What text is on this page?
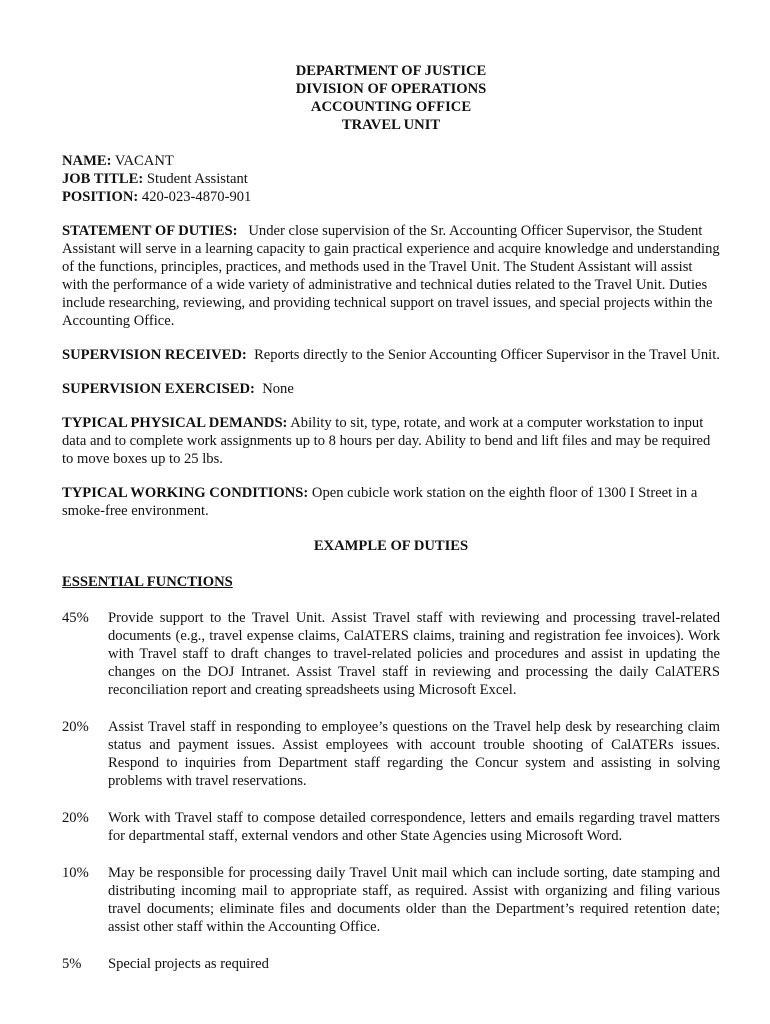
DEPARTMENT OF JUSTICE
DIVISION OF OPERATIONS
ACCOUNTING OFFICE
TRAVEL UNIT

NAME: VACANT

JOB TITLE: Student Assistant

POSITION: 420-023-4870-901

STATEMENT OF DUTIES: Under close supervision of the Sr. Accounting Officer Supervisor, the Student Assistant will serve in a learning capacity to gain practical experience and acquire knowledge and understanding of the functions, principles, practices, and methods used in the Travel Unit. The Student Assistant will assist with the performance of a wide variety of administrative and technical duties related to the Travel Unit. Duties include researching, reviewing, and providing technical support on travel issues, and special projects within the Accounting Office.

SUPERVISION RECEIVED: Reports directly to the Senior Accounting Officer Supervisor in the Travel Unit.

SUPERVISION EXERCISED: None

TYPICAL PHYSICAL DEMANDS: Ability to sit, type, rotate, and work at a computer workstation to input data and to complete work assignments up to 8 hours per day. Ability to bend and lift files and may be required to move boxes up to 25 lbs.

TYPICAL WORKING CONDITIONS: Open cubicle work station on the eighth floor of 1300 I Street in a smoke-free environment.

EXAMPLE OF DUTIES
ESSENTIAL FUNCTIONS
45%	Provide support to the Travel Unit. Assist Travel staff with reviewing and processing travel-related documents (e.g., travel expense claims, CalATERS claims, training and registration fee invoices). Work with Travel staff to draft changes to travel-related policies and procedures and assist in updating the changes on the DOJ Intranet. Assist Travel staff in reviewing and processing the daily CalATERS reconciliation report and creating spreadsheets using Microsoft Excel.
20%	Assist Travel staff in responding to employee’s questions on the Travel help desk by researching claim status and payment issues. Assist employees with account trouble shooting of CalATERs issues. Respond to inquiries from Department staff regarding the Concur system and assisting in solving problems with travel reservations.
20%	Work with Travel staff to compose detailed correspondence, letters and emails regarding travel matters for departmental staff, external vendors and other State Agencies using Microsoft Word.
10%	May be responsible for processing daily Travel Unit mail which can include sorting, date stamping and distributing incoming mail to appropriate staff, as required. Assist with organizing and filing various travel documents; eliminate files and documents older than the Department’s required retention date; assist other staff within the Accounting Office.
5%	Special projects as required
